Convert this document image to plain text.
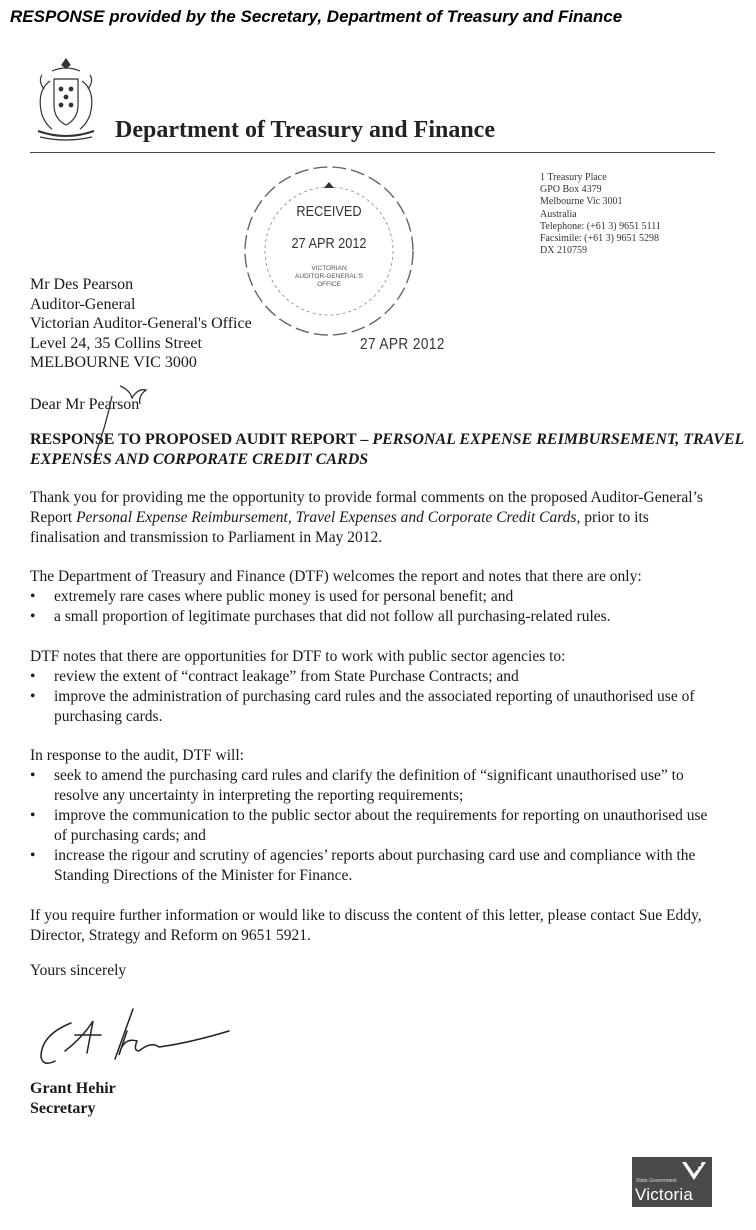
RESPONSE provided by the Secretary, Department of Treasury and Finance
Department of Treasury and Finance
1 Treasury Place
GPO Box 4379
Melbourne Vic 3001
Australia
Telephone: (+61 3) 9651 5111
Facsimile: (+61 3) 9651 5298
DX 210759
RECEIVED
27 APR 2012
VICTORIAN
AUDITOR-GENERAL'S
OFFICE
27 APR 2012
Mr Des Pearson
Auditor-General
Victorian Auditor-General's Office
Level 24, 35 Collins Street
MELBOURNE VIC 3000
Dear Mr Pearson
RESPONSE TO PROPOSED AUDIT REPORT – PERSONAL EXPENSE REIMBURSEMENT, TRAVEL EXPENSES AND CORPORATE CREDIT CARDS
Thank you for providing me the opportunity to provide formal comments on the proposed Auditor-General’s Report Personal Expense Reimbursement, Travel Expenses and Corporate Credit Cards, prior to its finalisation and transmission to Parliament in May 2012.
The Department of Treasury and Finance (DTF) welcomes the report and notes that there are only:
• extremely rare cases where public money is used for personal benefit; and
• a small proportion of legitimate purchases that did not follow all purchasing-related rules.
DTF notes that there are opportunities for DTF to work with public sector agencies to:
• review the extent of “contract leakage” from State Purchase Contracts; and
• improve the administration of purchasing card rules and the associated reporting of unauthorised use of purchasing cards.
In response to the audit, DTF will:
• seek to amend the purchasing card rules and clarify the definition of “significant unauthorised use” to resolve any uncertainty in interpreting the reporting requirements;
• improve the communication to the public sector about the requirements for reporting on unauthorised use of purchasing cards; and
• increase the rigour and scrutiny of agencies’ reports about purchasing card use and compliance with the Standing Directions of the Minister for Finance.
If you require further information or would like to discuss the content of this letter, please contact Sue Eddy, Director, Strategy and Reform on 9651 5921.
Yours sincerely
Grant Hehir
Secretary
State Government
Victoria
